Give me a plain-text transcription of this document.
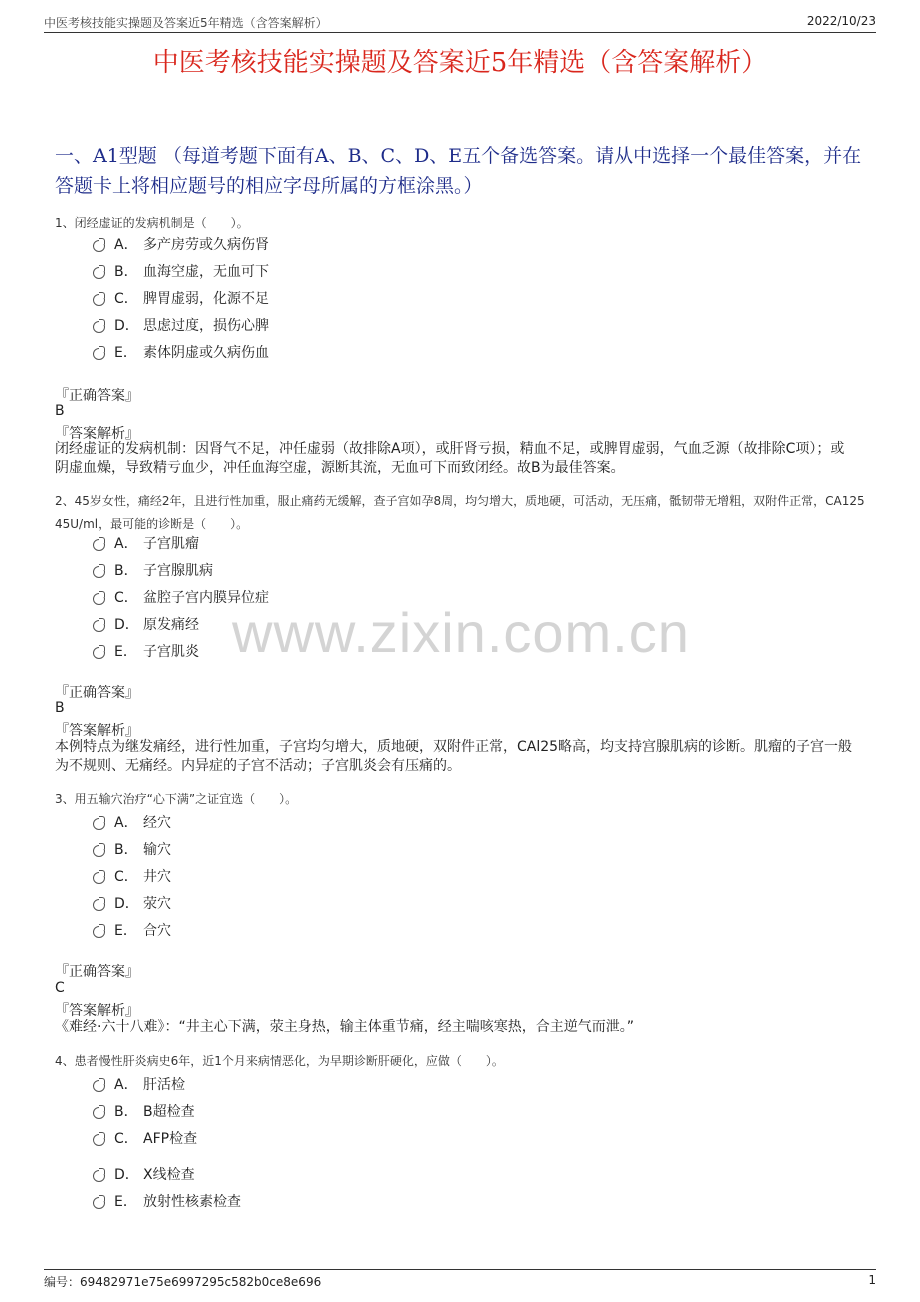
中医考核技能实操题及答案近5年精选（含答案解析）	2022/10/23
中医考核技能实操题及答案近5年精选（含答案解析）
一、A1型题 （每道考题下面有A、B、C、D、E五个备选答案。请从中选择一个最佳答案，并在答题卡上将相应题号的相应字母所属的方框涂黑。）
www.zixin.com.cn
1、闭经虚证的发病机制是（　　）。
A． 多产房劳或久病伤肾
B． 血海空虚，无血可下
C． 脾胃虚弱，化源不足
D． 思虑过度，损伤心脾
E． 素体阴虚或久病伤血
『正确答案』
B
『答案解析』
闭经虚证的发病机制：因肾气不足，冲任虚弱（故排除A项），或肝肾亏损，精血不足，或脾胃虚弱，气血乏源（故排除C项）；或阴虚血燥，导致精亏血少，冲任血海空虚，源断其流，无血可下而致闭经。故B为最佳答案。
2、45岁女性，痛经2年，且进行性加重，服止痛药无缓解，查子宫如孕8周，均匀增大，质地硬，可活动，无压痛，骶韧带无增粗，双附件正常，CA125 45U/ml，最可能的诊断是（　　）。
A． 子宫肌瘤
B． 子宫腺肌病
C． 盆腔子宫内膜异位症
D． 原发痛经
E． 子宫肌炎
『正确答案』
B
『答案解析』
本例特点为继发痛经，进行性加重，子宫均匀增大，质地硬，双附件正常，CAl25略高，均支持宫腺肌病的诊断。肌瘤的子宫一般为不规则、无痛经。内异症的子宫不活动；子宫肌炎会有压痛的。
3、用五输穴治疗“心下满”之证宜选（　　）。
A． 经穴
B． 输穴
C． 井穴
D． 荥穴
E． 合穴
『正确答案』
C
『答案解析』
《难经·六十八难》：“井主心下满，荥主身热，输主体重节痛，经主喘咳寒热，合主逆气而泄。”
4、患者慢性肝炎病史6年，近1个月来病情恶化，为早期诊断肝硬化，应做（　　）。
A． 肝活检
B． B超检查
C． AFP检查
D． X线检查
E． 放射性核素检查
编号：69482971e75e6997295c582b0ce8e696	1
